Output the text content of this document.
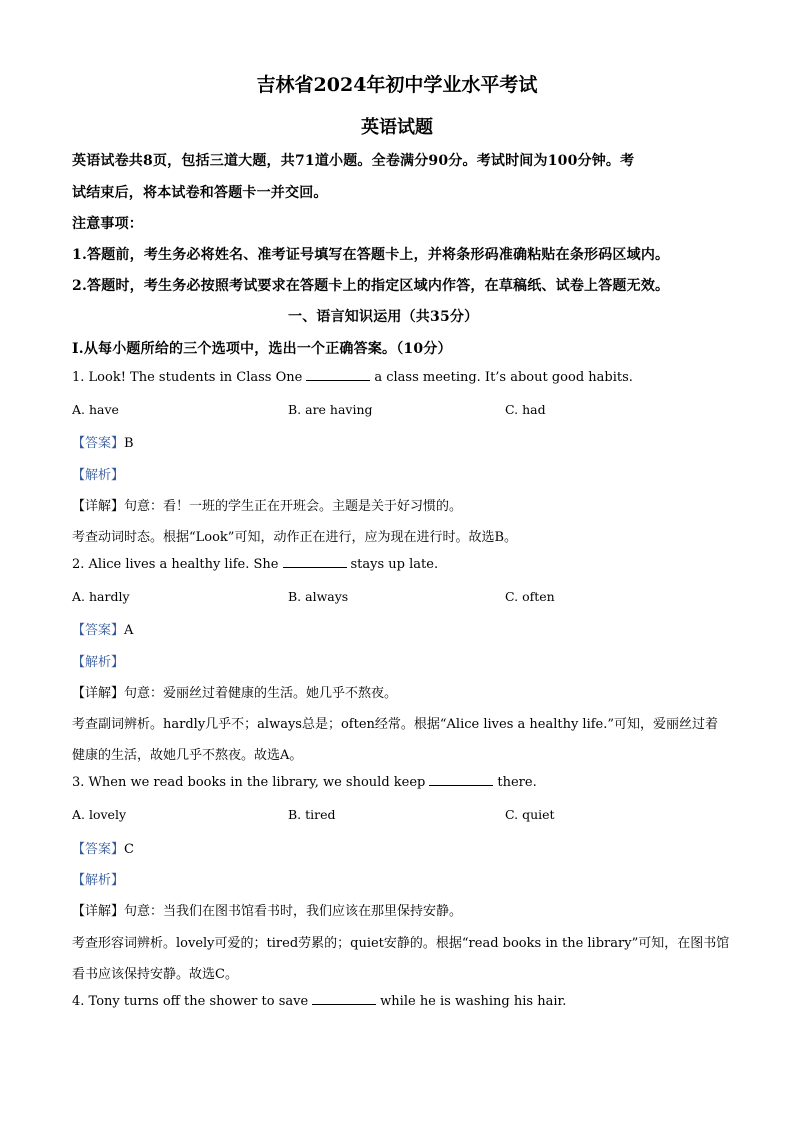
吉林省2024年初中学业水平考试
英语试题
英语试卷共8页，包括三道大题，共71道小题。全卷满分90分。考试时间为100分钟。考
试结束后，将本试卷和答题卡一并交回。
注意事项：
1.答题前，考生务必将姓名、准考证号填写在答题卡上，并将条形码准确粘贴在条形码区域内。
2.答题时，考生务必按照考试要求在答题卡上的指定区域内作答，在草稿纸、试卷上答题无效。
一、语言知识运用（共35分）
Ⅰ.从每小题所给的三个选项中，选出一个正确答案。（10分）
1. Look! The students in Class One	a class meeting. It’s about good habits.
A. have	B. are having	C. had
【答案】B
【解析】
【详解】句意：看！一班的学生正在开班会。主题是关于好习惯的。
考查动词时态。根据“Look”可知，动作正在进行，应为现在进行时。故选B。
2. Alice lives a healthy life. She	stays up late.
A. hardly	B. always	C. often
【答案】A
【解析】
【详解】句意：爱丽丝过着健康的生活。她几乎不熬夜。
考查副词辨析。hardly几乎不；always总是；often经常。根据“Alice lives a healthy life.”可知，爱丽丝过着
健康的生活，故她几乎不熬夜。故选A。
3. When we read books in the library, we should keep	there.
A. lovely	B. tired	C. quiet
【答案】C
【解析】
【详解】句意：当我们在图书馆看书时，我们应该在那里保持安静。
考查形容词辨析。lovely可爱的；tired劳累的；quiet安静的。根据“read books in the library”可知，在图书馆
看书应该保持安静。故选C。
4. Tony turns off the shower to save	while he is washing his hair.
